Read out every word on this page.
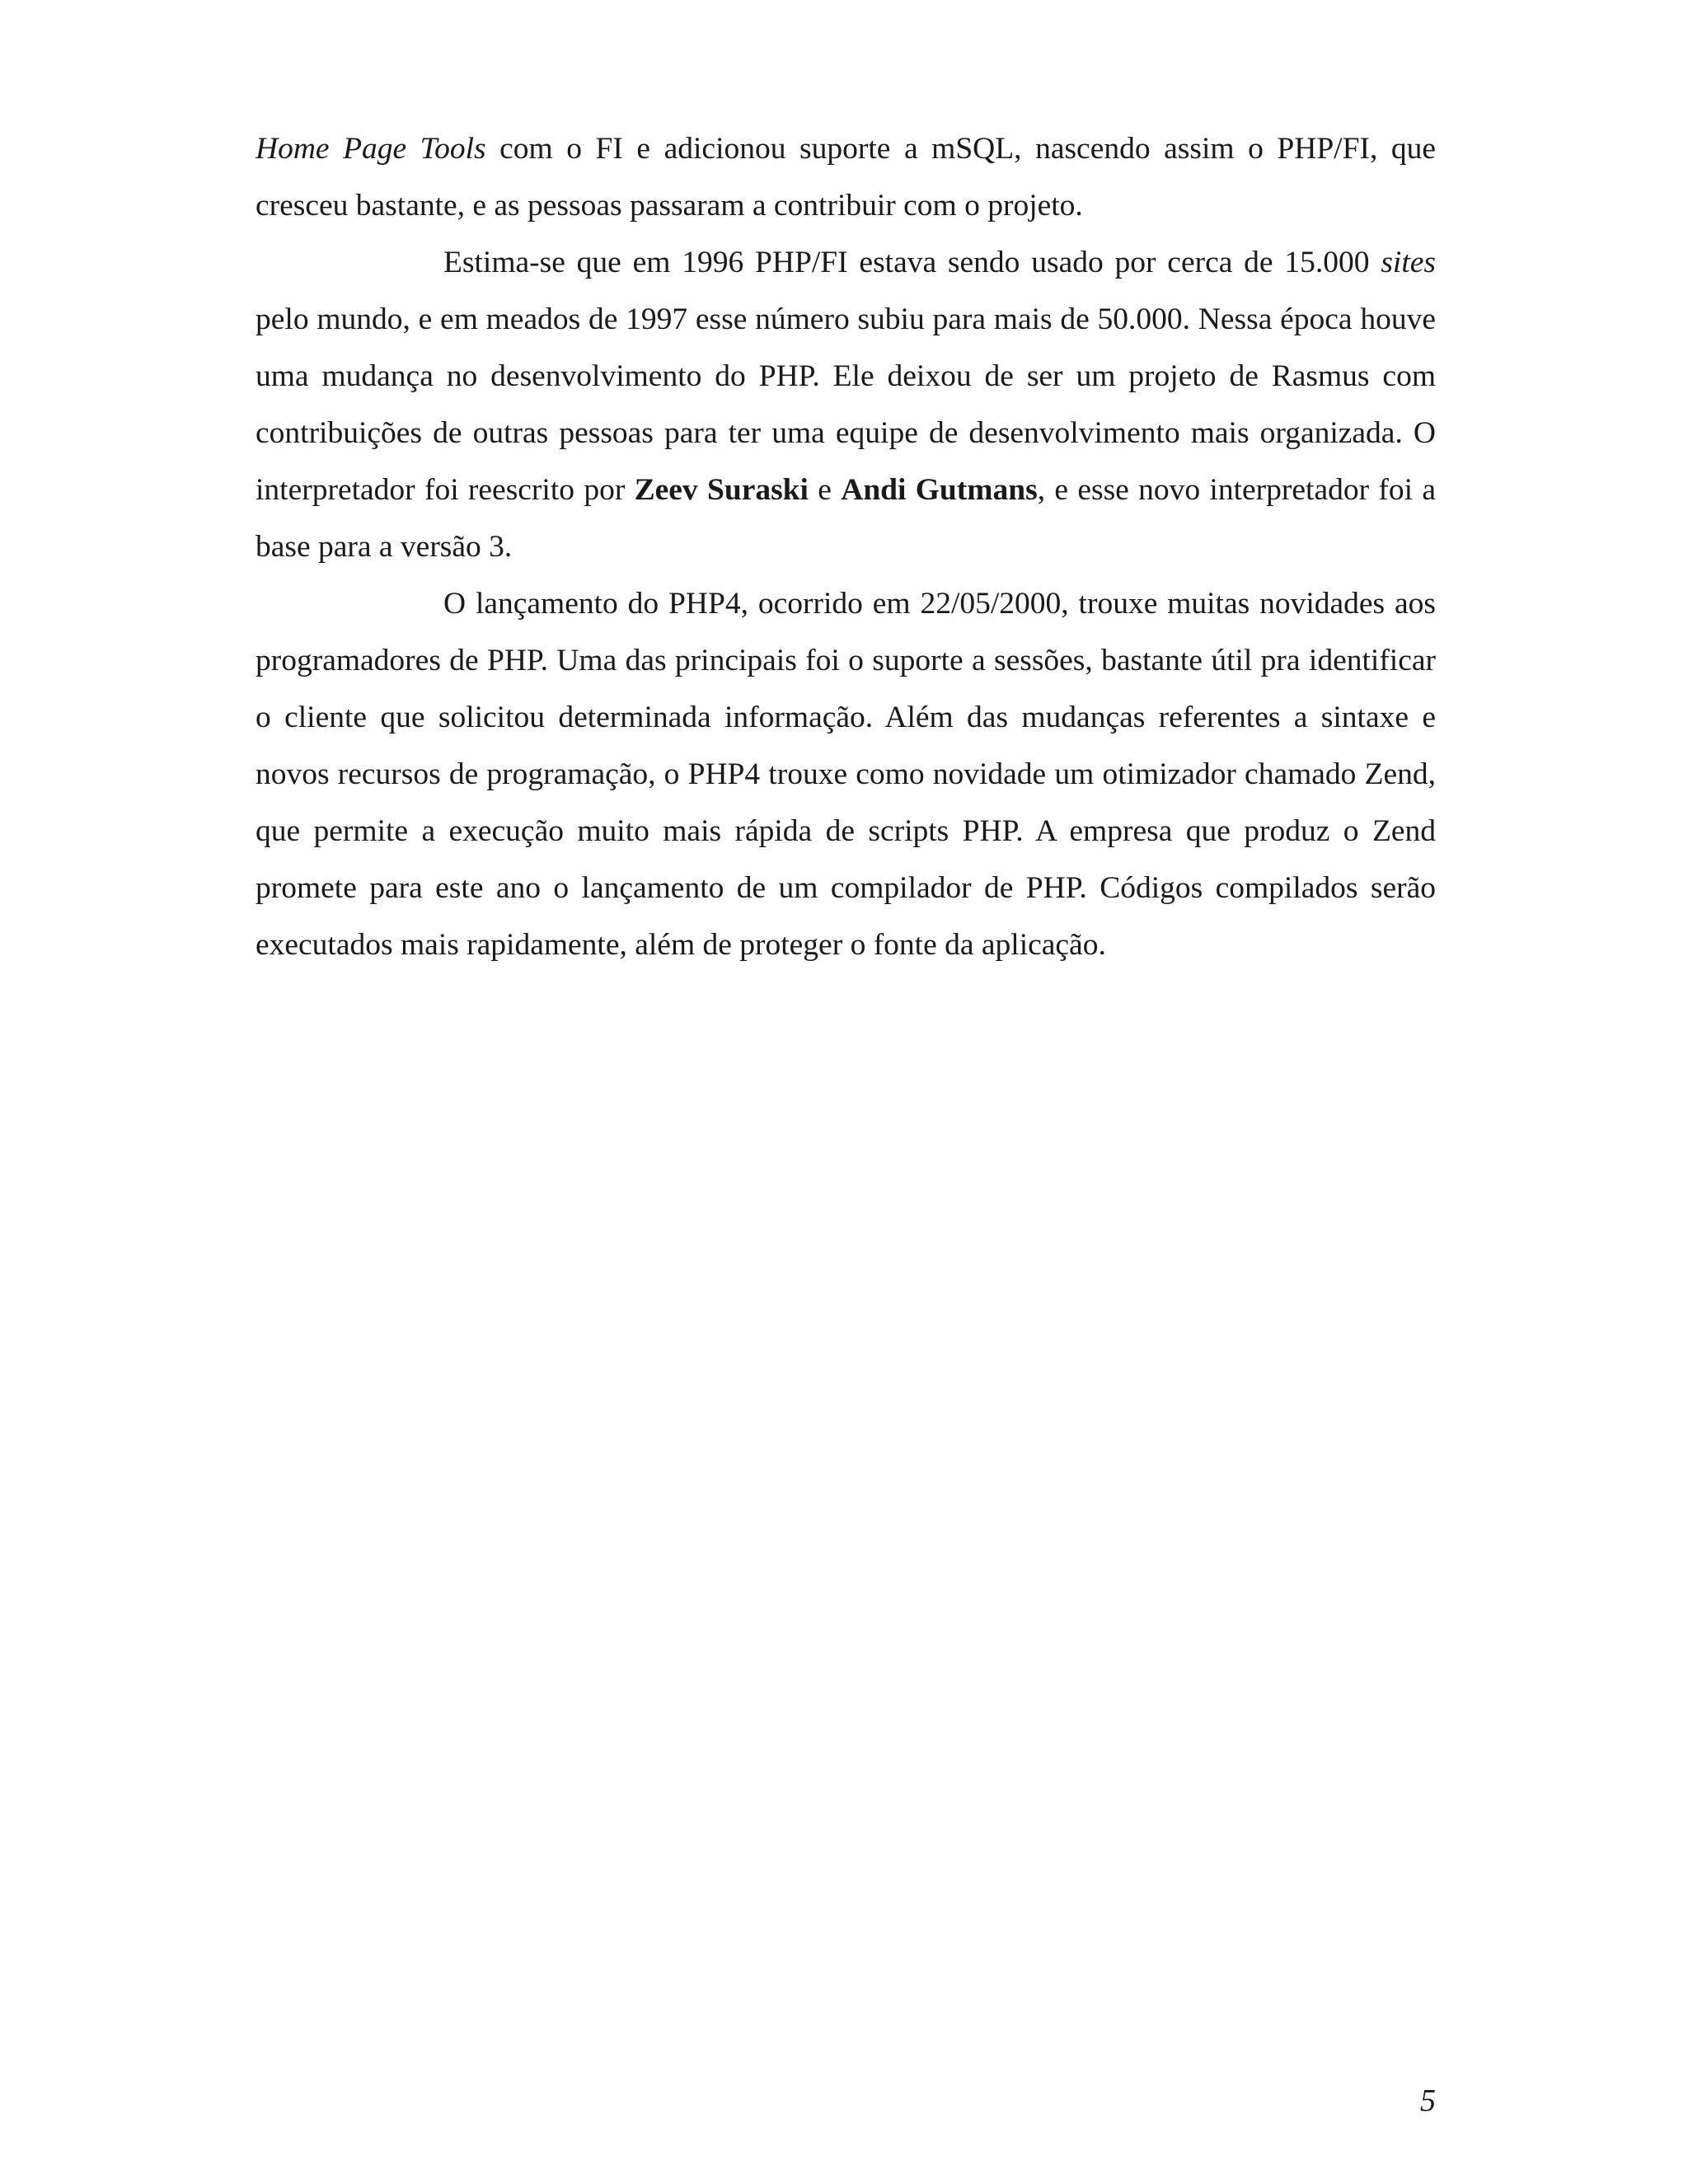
Home Page Tools com o FI e adicionou suporte a mSQL, nascendo assim o PHP/FI, que cresceu bastante, e as pessoas passaram a contribuir com o projeto.

Estima-se que em 1996 PHP/FI estava sendo usado por cerca de 15.000 sites pelo mundo, e em meados de 1997 esse número subiu para mais de 50.000. Nessa época houve uma mudança no desenvolvimento do PHP. Ele deixou de ser um projeto de Rasmus com contribuições de outras pessoas para ter uma equipe de desenvolvimento mais organizada. O interpretador foi reescrito por Zeev Suraski e Andi Gutmans, e esse novo interpretador foi a base para a versão 3.

O lançamento do PHP4, ocorrido em 22/05/2000, trouxe muitas novidades aos programadores de PHP. Uma das principais foi o suporte a sessões, bastante útil pra identificar o cliente que solicitou determinada informação. Além das mudanças referentes a sintaxe e novos recursos de programação, o PHP4 trouxe como novidade um otimizador chamado Zend, que permite a execução muito mais rápida de scripts PHP. A empresa que produz o Zend promete para este ano o lançamento de um compilador de PHP. Códigos compilados serão executados mais rapidamente, além de proteger o fonte da aplicação.

5
